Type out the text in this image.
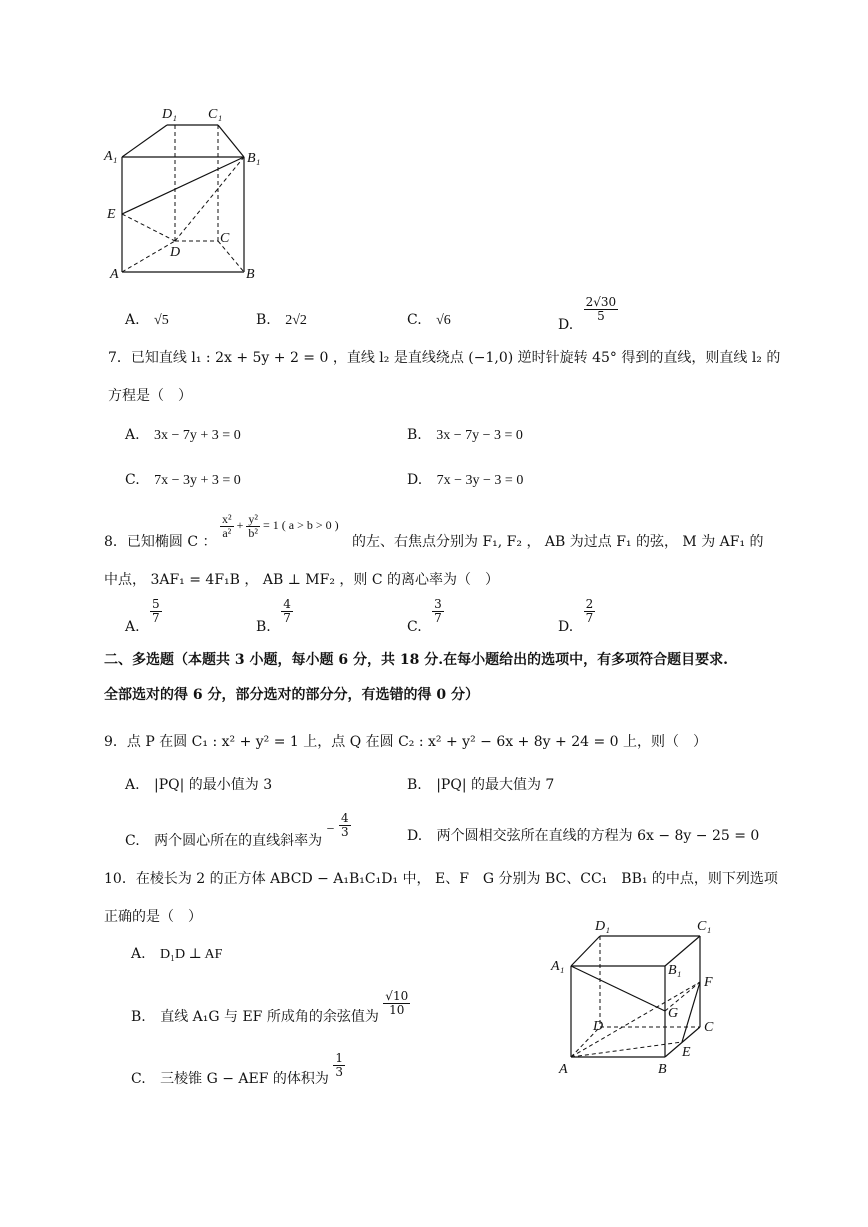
D₁ C₁
A₁	B₁
E
C
D
A	B
A. √5	B. 2√2	C. √6	D.
$\frac{2√30}{5}$
7．已知直线 l₁ : 2x + 5y + 2 = 0 ，直线 l₂ 是直线绕点 (−1,0) 逆时针旋转 45° 得到的直线，则直线 l₂ 的
方程是（　）
A. 3x − 7y + 3 = 0	B. 3x − 7y − 3 = 0
C. 7x − 3y + 3 = 0	D. 7x − 3y − 3 = 0
8．已知椭圆 C ：
$\frac{\text{x²}}{\text{a²}} + \frac{\text{y²}}{\text{b²}} = 1$ ( a > b > 0 )
的左、右焦点分别为 F₁, F₂ ， AB 为过点 F₁ 的弦， M 为 AF₁ 的
中点， 3AF₁ = 4F₁B ， AB ⊥ MF₂ ，则 C 的离心率为（　）
A.
$\frac{5}{7}$
B.
$\frac{4}{7}$
C.
$\frac{3}{7}$
D.
$\frac{2}{7}$
二、多选题（本题共 3 小题，每小题 6 分，共 18 分.在每小题给出的选项中，有多项符合题目要求.
全部选对的得 6 分，部分选对的部分分，有选错的得 0 分）
9．点 P 在圆 C₁ : x² + y² = 1 上，点 Q 在圆 C₂ : x² + y² − 6x + 8y + 24 = 0 上，则（　）
A. |PQ| 的最小值为 3	B. |PQ| 的最大值为 7
C. 两个圆心所在的直线斜率为 − $\frac{4}{3}$	D. 两个圆相交弦所在直线的方程为 6x − 8y − 25 = 0
10．在棱长为 2 的正方体 ABCD − A₁B₁C₁D₁ 中， E、F　G 分别为 BC、CC₁　BB₁ 的中点，则下列选项
正确的是（　）
A. D₁D ⊥ AF
B. 直线 A₁G 与 EF 所成角的余弦值为
$\frac{√10}{10}$
C. 三棱锥 G − AEF 的体积为
$\frac{1}{3}$
D₁	C₁
A₁	B₁
F
G
D	C
E
A	B
